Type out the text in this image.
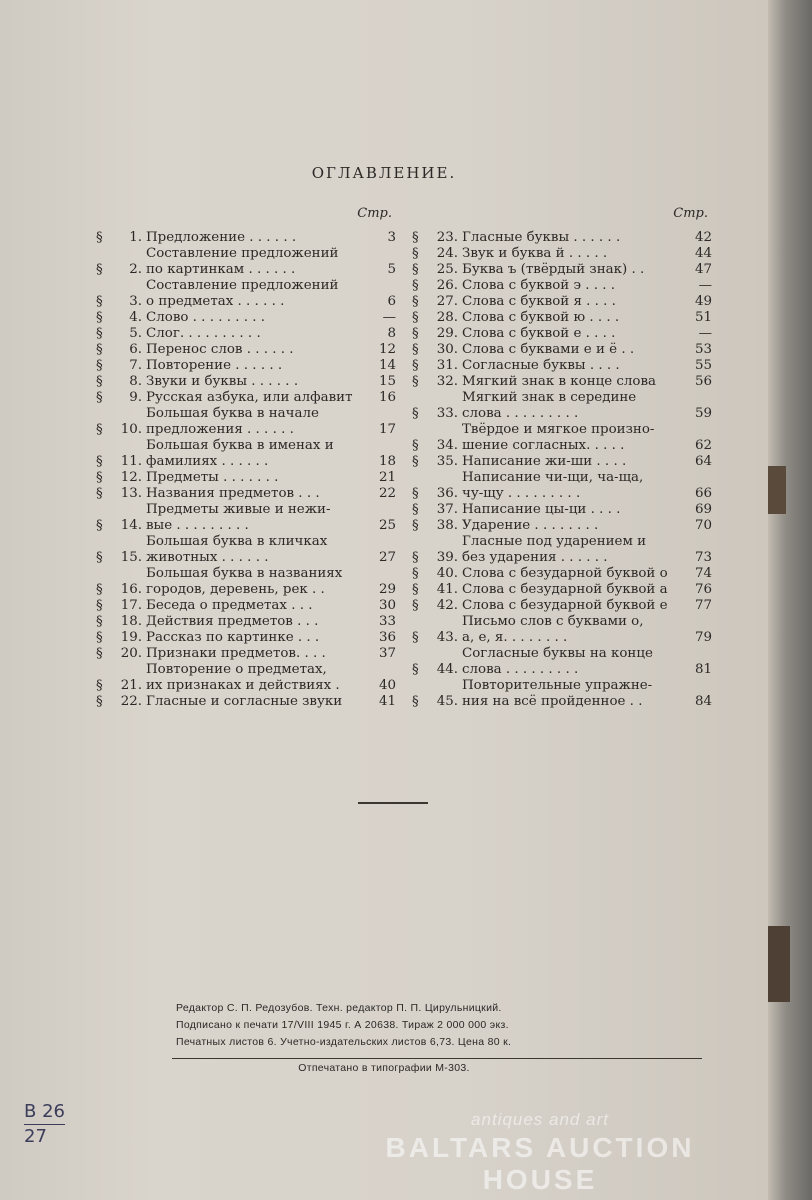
ОГЛАВЛЕНИЕ.
Стр.
§	1. Предложение . . . . . .	3
§	2.
Составление предложений
по картинкам . . . . . .	5
§	3.
Составление предложений
о предметах . . . . . .	6
§	4. Слово . . . . . . . . .	—
§	5. Слог. . . . . . . . . .	8
§	6. Перенос слов . . . . . .	12
§	7. Повторение . . . . . .	14
§	8. Звуки и буквы . . . . . .	15
§	9. Русская азбука, или алфавит	16
§	10.
Большая буква в начале
предложения . . . . . .	17
§	11.
Большая буква в именах и
фамилиях . . . . . .	18
§	12. Предметы . . . . . . .	21
§	13. Названия предметов . . .	22
§	14.
Предметы живые и нежи-
вые . . . . . . . . .	25
§	15.
Большая буква в кличках
животных . . . . . .	27
§	16.
Большая буква в названиях
городов, деревень, рек . .	29
§	17. Беседа о предметах . . .	30
§	18. Действия предметов . . .	33
§	19. Рассказ по картинке . . .	36
§	20. Признаки предметов. . . .	37
§	21.
Повторение о предметах,
их признаках и действиях .	40
§	22. Гласные и согласные звуки	41
Стр.
§	23. Гласные буквы . . . . . .	42
§	24. Звук и буква й . . . . .	44
§	25. Буква ъ (твёрдый знак) . .	47
§	26. Слова с буквой э . . . .	—
§	27. Слова с буквой я . . . .	49
§	28. Слова с буквой ю . . . .	51
§	29. Слова с буквой е . . . .	—
§	30. Слова с буквами е и ё . .	53
§	31. Согласные буквы . . . .	55
§	32. Мягкий знак в конце слова	56
§	33.
Мягкий знак в середине
слова . . . . . . . . .	59
§	34.
Твёрдое и мягкое произно-
шение согласных. . . . .	62
§	35. Написание жи-ши . . . .	64
§	36.
Написание чи-щи, ча-ща,
чу-щу . . . . . . . . .	66
§	37. Написание цы-ци . . . .	69
§	38. Ударение . . . . . . . .	70
§	39.
Гласные под ударением и
без ударения . . . . . .	73
§	40. Слова с безударной буквой о	74
§	41. Слова с безударной буквой а	76
§	42. Слова с безударной буквой е	77
§	43.
Письмо слов с буквами о,
а, е, я. . . . . . . .	79
§	44.
Согласные буквы на конце
слова . . . . . . . . .	81
§	45.
Повторительные упражне-
ния на всё пройденное . .	84
Редактор С. П. Редозубов. Техн. редактор П. П. Цирульницкий.
Подписано к печати 17/VIII 1945 г. А 20638. Тираж 2 000 000 экз.
Печатных листов 6. Учетно-издательских листов 6,73. Цена 80 к.
Отпечатано в типографии М-303.
В 26
27
antiques and art
BALTARS AUCTION HOUSE
